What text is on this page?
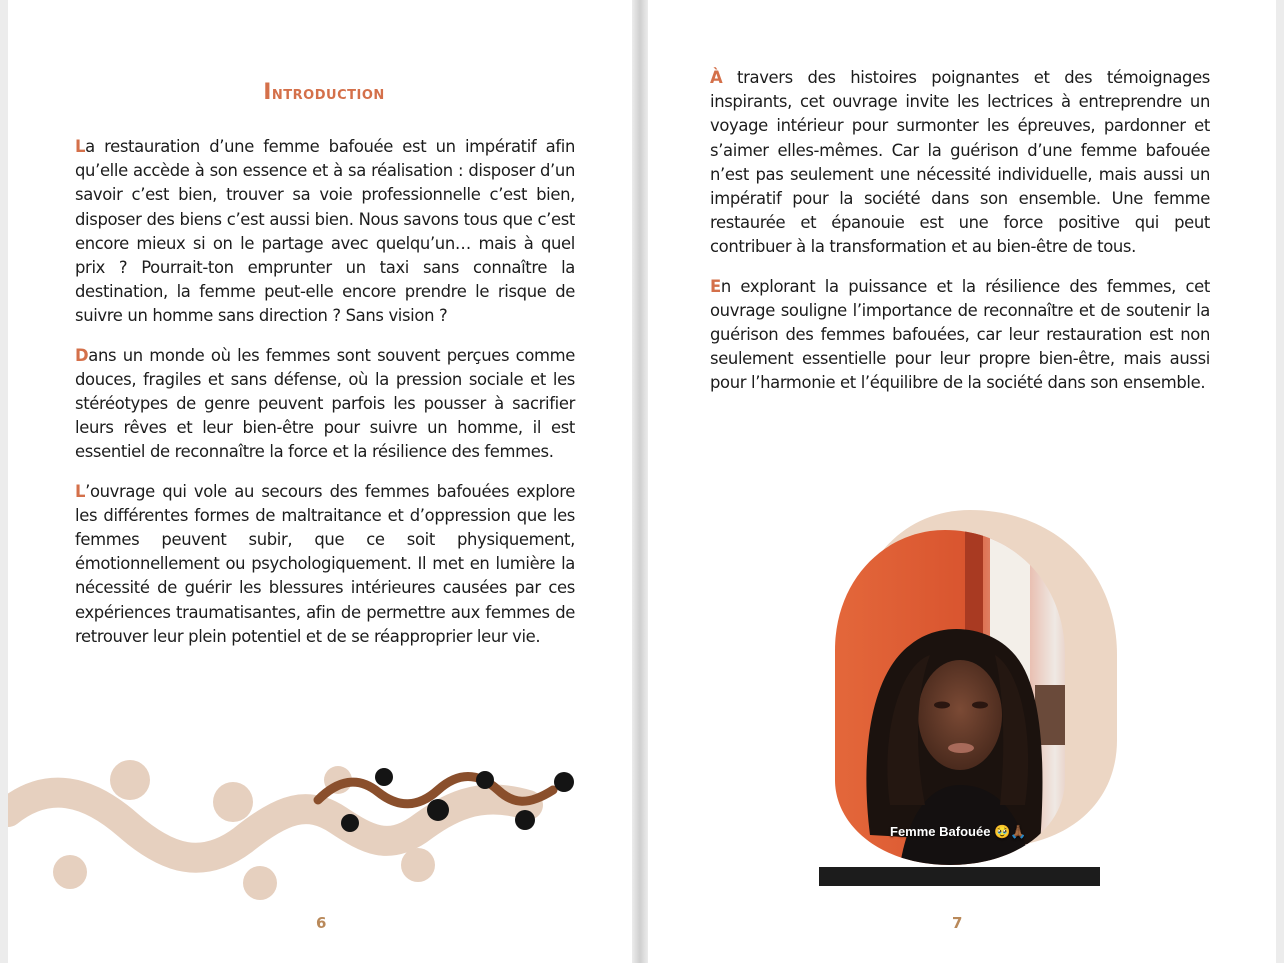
Introduction

La restauration d’une femme bafouée est un impératif afin qu’elle accède à son essence et à sa réalisation : disposer d’un savoir c’est bien, trouver sa voie professionnelle c’est bien, disposer des biens c’est aussi bien. Nous savons tous que c’est encore mieux si on le partage avec quelqu’un… mais à quel prix ? Pourrait-ton emprunter un taxi sans connaître la destination, la femme peut-elle encore prendre le risque de suivre un homme sans direction ? Sans vision ?

Dans un monde où les femmes sont souvent perçues comme douces, fragiles et sans défense, où la pression sociale et les stéréotypes de genre peuvent parfois les pousser à sacrifier leurs rêves et leur bien-être pour suivre un homme, il est essentiel de reconnaître la force et la résilience des femmes.

L’ouvrage qui vole au secours des femmes bafouées explore les différentes formes de maltraitance et d’oppression que les femmes peuvent subir, que ce soit physiquement, émotionnellement ou psychologiquement. Il met en lumière la nécessité de guérir les blessures intérieures causées par ces expériences traumatisantes, afin de permettre aux femmes de retrouver leur plein potentiel et de se réapproprier leur vie.

6

À travers des histoires poignantes et des témoignages inspirants, cet ouvrage invite les lectrices à entreprendre un voyage intérieur pour surmonter les épreuves, pardonner et s’aimer elles-mêmes. Car la guérison d’une femme bafouée n’est pas seulement une nécessité individuelle, mais aussi un impératif pour la société dans son ensemble. Une femme restaurée et épanouie est une force positive qui peut contribuer à la transformation et au bien-être de tous.

En explorant la puissance et la résilience des femmes, cet ouvrage souligne l’importance de reconnaître et de soutenir la guérison des femmes bafouées, car leur restauration est non seulement essentielle pour leur propre bien-être, mais aussi pour l’harmonie et l’équilibre de la société dans son ensemble.

Femme Bafouée 🥹🙏🏾
7
